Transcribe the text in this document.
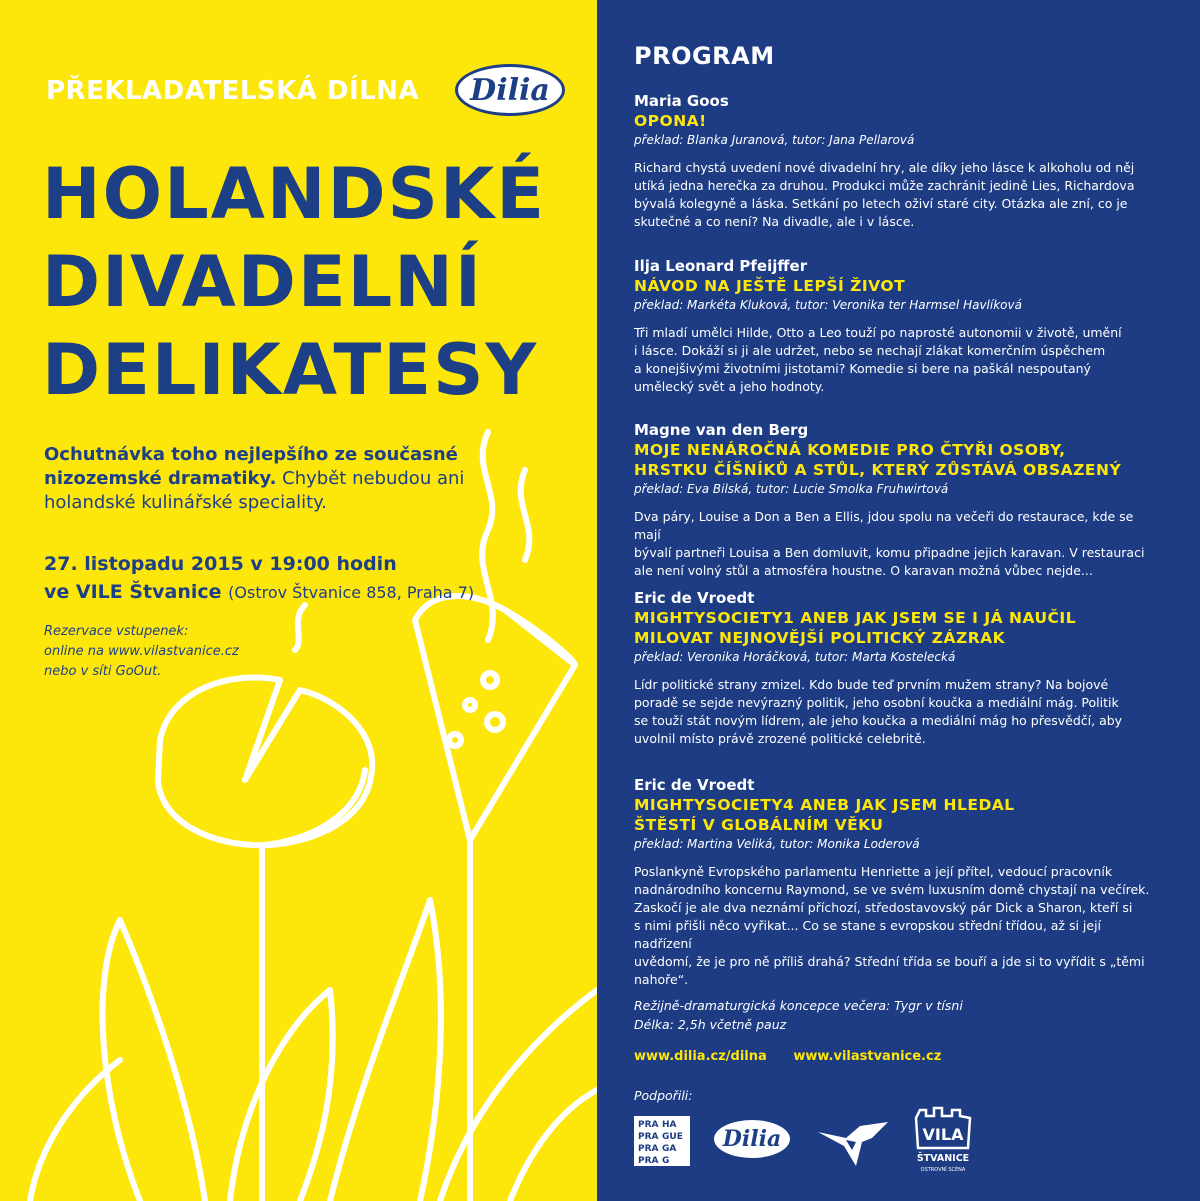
PŘEKLADATELSKÁ DÍLNA	Dilia
HOLANDSKÉ
DIVADELNÍ
DELIKATESY
Ochutnávka toho nejlepšího ze současné nizozemské dramatiky. Chybět nebudou ani holandské kulinářské speciality.
27. listopadu 2015 v 19:00 hodin
ve VILE Štvanice (Ostrov Štvanice 858, Praha 7)
Rezervace vstupenek:
online na www.vilastvanice.cz
nebo v síti GoOut.
PROGRAM
Maria Goos
OPONA!
překlad: Blanka Juranová, tutor: Jana Pellarová
Richard chystá uvedení nové divadelní hry, ale díky jeho lásce k alkoholu od něj
utíká jedna herečka za druhou. Produkci může zachránit jedině Lies, Richardova
bývalá kolegyně a láska. Setkání po letech oživí staré city. Otázka ale zní, co je
skutečné a co není? Na divadle, ale i v lásce.
Ilja Leonard Pfeijffer
NÁVOD NA JEŠTĚ LEPŠÍ ŽIVOT
překlad: Markéta Kluková, tutor: Veronika ter Harmsel Havlíková
Tři mladí umělci Hilde, Otto a Leo touží po naprosté autonomii v životě, umění
i lásce. Dokáží si ji ale udržet, nebo se nechají zlákat komerčním úspěchem
a konejšivými životními jistotami? Komedie si bere na paškál nespoutaný
umělecký svět a jeho hodnoty.
Magne van den Berg
MOJE NENÁROČNÁ KOMEDIE PRO ČTYŘI OSOBY,
HRSTKU ČÍŠNÍKŮ A STŮL, KTERÝ ZŮSTÁVÁ OBSAZENÝ
překlad: Eva Bilská, tutor: Lucie Smolka Fruhwirtová
Dva páry, Louise a Don a Ben a Ellis, jdou spolu na večeři do restaurace, kde se mají
bývalí partneři Louisa a Ben domluvit, komu připadne jejich karavan. V restauraci
ale není volný stůl a atmosféra houstne. O karavan možná vůbec nejde...
Eric de Vroedt
MIGHTYSOCIETY1 ANEB JAK JSEM SE I JÁ NAUČIL
MILOVAT NEJNOVĚJŠÍ POLITICKÝ ZÁZRAK
překlad: Veronika Horáčková, tutor: Marta Kostelecká
Lídr politické strany zmizel. Kdo bude teď prvním mužem strany? Na bojové
poradě se sejde nevýrazný politik, jeho osobní koučka a mediální mág. Politik
se touží stát novým lídrem, ale jeho koučka a mediální mág ho přesvědčí, aby
uvolnil místo právě zrozené politické celebritě.
Eric de Vroedt
MIGHTYSOCIETY4 ANEB JAK JSEM HLEDAL
ŠTĚSTÍ V GLOBÁLNÍM VĚKU
překlad: Martina Veliká, tutor: Monika Loderová
Poslankyně Evropského parlamentu Henriette a její přítel, vedoucí pracovník
nadnárodního koncernu Raymond, se ve svém luxusním domě chystají na večírek.
Zaskočí je ale dva neznámí příchozí, středostavovský pár Dick a Sharon, kteří si
s nimi přišli něco vyřikat... Co se stane s evropskou střední třídou, až si její nadřízení
uvědomí, že je pro ně příliš drahá? Střední třída se bouří a jde si to vyřídit s „těmi
nahoře“.
Režijně-dramaturgická koncepce večera: Tygr v tísni
Délka: 2,5h včetně pauz
www.dilia.cz/dilna www.vilastvanice.cz
Podpořili:
PRA HA
PRA GUE
PRA GA
PRA G
VILA
ŠTVANICE
OSTROVNÍ SCÉNA
Dilia
